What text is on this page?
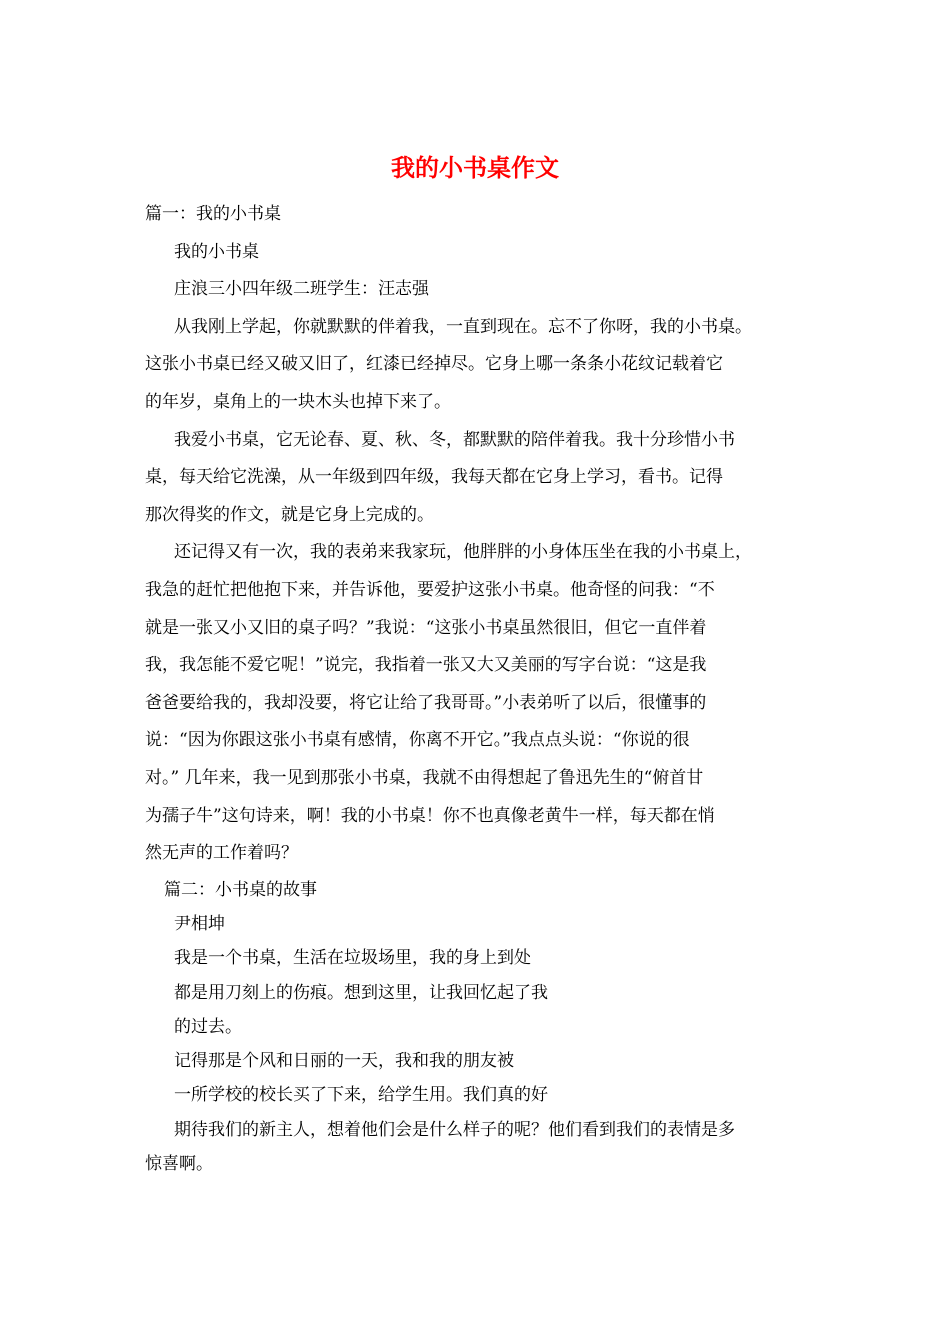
我的小书桌作文

篇一：我的小书桌

我的小书桌

庄浪三小四年级二班学生：汪志强

从我刚上学起，你就默默的伴着我，一直到现在。忘不了你呀，我的小书桌。

这张小书桌已经又破又旧了，红漆已经掉尽。它身上哪一条条小花纹记载着它

的年岁，桌角上的一块木头也掉下来了。

我爱小书桌，它无论春、夏、秋、冬，都默默的陪伴着我。我十分珍惜小书

桌，每天给它洗澡，从一年级到四年级，我每天都在它身上学习，看书。记得

那次得奖的作文，就是它身上完成的。

还记得又有一次，我的表弟来我家玩，他胖胖的小身体压坐在我的小书桌上，

我急的赶忙把他抱下来，并告诉他，要爱护这张小书桌。他奇怪的问我：“不

就是一张又小又旧的桌子吗？”我说：“这张小书桌虽然很旧，但它一直伴着

我，我怎能不爱它呢！”说完，我指着一张又大又美丽的写字台说：“这是我

爸爸要给我的，我却没要，将它让给了我哥哥。”小表弟听了以后，很懂事的

说：“因为你跟这张小书桌有感情，你离不开它。”我点点头说：“你说的很

对。” 几年来，我一见到那张小书桌，我就不由得想起了鲁迅先生的“俯首甘

为孺子牛”这句诗来，啊！我的小书桌！你不也真像老黄牛一样，每天都在悄

然无声的工作着吗？

篇二：小书桌的故事

尹相坤

我是一个书桌，生活在垃圾场里，我的身上到处

都是用刀刻上的伤痕。想到这里，让我回忆起了我

的过去。

记得那是个风和日丽的一天，我和我的朋友被

一所学校的校长买了下来，给学生用。我们真的好

期待我们的新主人，想着他们会是什么样子的呢？他们看到我们的表情是多

惊喜啊。
